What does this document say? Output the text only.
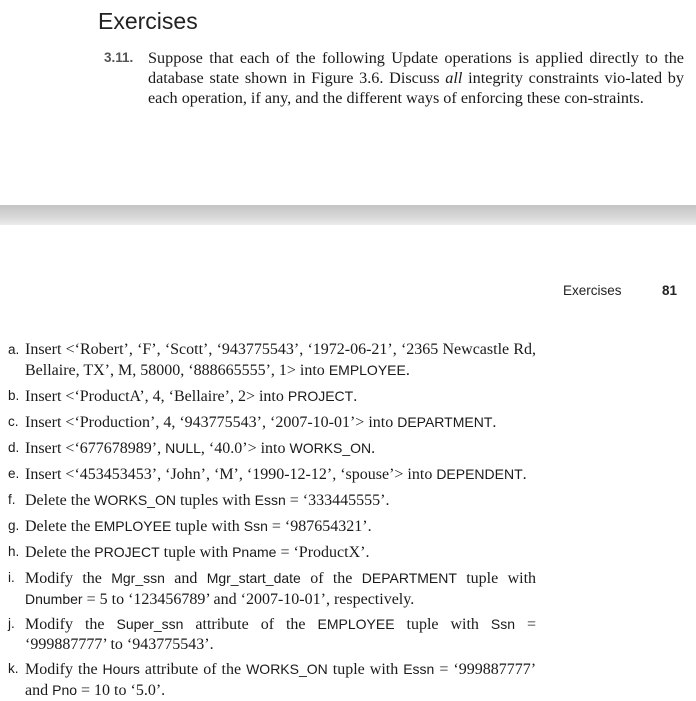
Exercises
3.11. Suppose that each of the following Update operations is applied directly to the database state shown in Figure 3.6. Discuss all integrity constraints vio-lated by each operation, if any, and the different ways of enforcing these con-straints.

Exercises	81
a. Insert <‘Robert’, ‘F’, ‘Scott’, ‘943775543’, ‘1972-06-21’, ‘2365 Newcastle Rd, Bellaire, TX’, M, 58000, ‘888665555’, 1> into EMPLOYEE.
b. Insert <‘ProductA’, 4, ‘Bellaire’, 2> into PROJECT.
c. Insert <‘Production’, 4, ‘943775543’, ‘2007-10-01’> into DEPARTMENT.
d. Insert <‘677678989’, NULL, ‘40.0’> into WORKS_ON.
e. Insert <‘453453453’, ‘John’, ‘M’, ‘1990-12-12’, ‘spouse’> into DEPENDENT.
f. Delete the WORKS_ON tuples with Essn = ‘333445555’.
g. Delete the EMPLOYEE tuple with Ssn = ‘987654321’.
h. Delete the PROJECT tuple with Pname = ‘ProductX’.
i. Modify the Mgr_ssn and Mgr_start_date of the DEPARTMENT tuple with Dnumber = 5 to ‘123456789’ and ‘2007-10-01’, respectively.
j. Modify the Super_ssn attribute of the EMPLOYEE tuple with Ssn = ‘999887777’ to ‘943775543’.
k. Modify the Hours attribute of the WORKS_ON tuple with Essn = ‘999887777’ and Pno = 10 to ‘5.0’.
